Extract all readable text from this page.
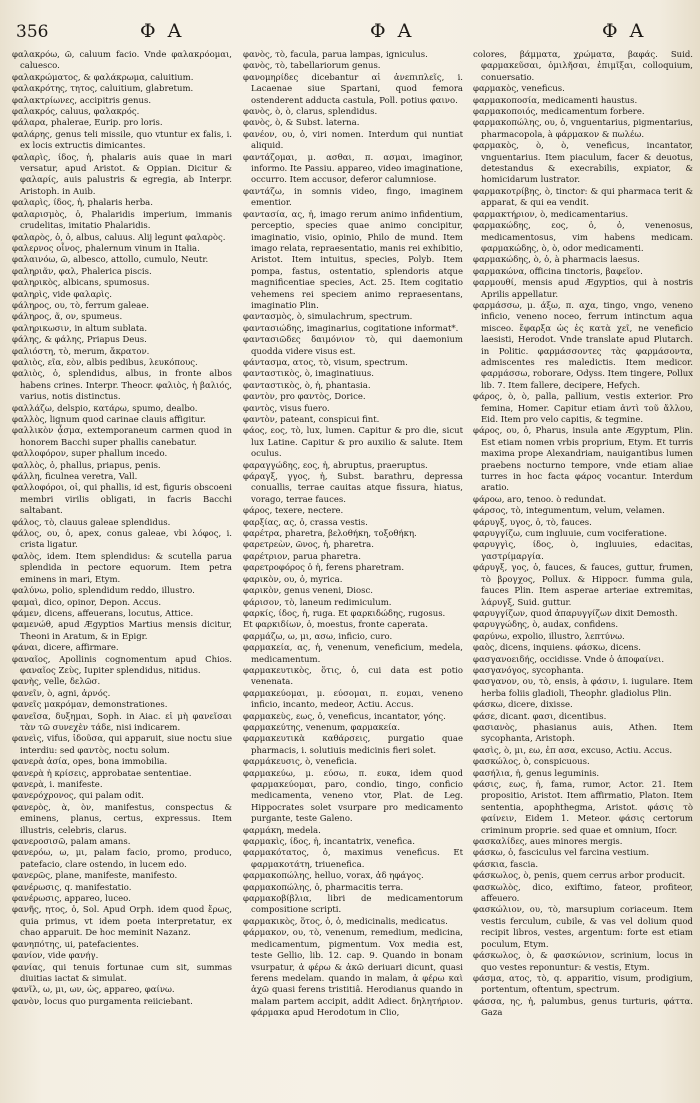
356	Φ Α	Φ Α	Φ Α

φαλακρόω, ῶ, caluum facio. Vnde φαλακρόομαι, caluesco.

φαλακρώματος, & φαλάκρωμα, caluitium.

φαλακρότης, τητος, caluitium, glabretum.

φαλακτρίωνες, accipitris genus.

φαλακρός, caluus, φαλακρός.

φάλαρα, phalerae, Eurip. pro loris.

φαλάρης, genus teli missile, quo vtuntur ex falis, i. ex locis extructis dimicantes.

φαλαρὶς, ίδος, ἡ, phalaris auis quae in mari versatur, apud Aristot. & Oppian. Dicitur & φαλαρίς, auis palustris & egregia, ab Interpr. Aristoph. in Auib.

φαλαρὶς, ίδος, ἡ, phalaris herba.

φαλαρισμὸς, ὁ, Phalaridis imperium, immanis crudelitas, imitatio Phalaridis.

φαλαρὸς, ὁ, ὁ, albus, caluus. Alij legunt φαλαρὸς.

φαλερνος οἶνος, phalernum vinum in Italia.

φαλαινόω, ῶ, albesco, attollo, cumulo, Neutr.

φαληριᾶν, φαλ, Phalerica piscis.

φαληρικὸς, albicans, spumosus.

φαληρὶς, vide φαλαρὶς.

φάληρος, ου, τὸ, ferrum galeae.

φάληρος, ᾶ, ον, spumeus.

φαληρικωσιν, in altum sublata.

φάλης, & φάλης, Priapus Deus.

φαλιόστη, τὸ, merum, ἄκρατον.

φαλιὸς, εῖα, εὸν, albis pedibus, λευκόπους.

φαλιὸς, ὁ, splendidus, albus, in fronte albos habens crines. Interpr. Theocr. φαλιὸς, ἡ βαλιός, varius, notis distinctus.

φαλλάζω, delspio, κατάρω, spumo, dealbo.

φαλλὸς, lignum quod carinae clauis affigitur.

φαλλικὸν ᾆσμα, extemporaneum carmen quod in honorem Bacchi super phallis canebatur.

φαλλοφόρον, super phallum incedo.

φαλλὸς, ὁ, phallus, priapus, penis.

φάλλη, ficulnea veretra, Vall.

φαλλοφόροι, οἱ, qui phallis, id est, figuris obscoeni membri virilis obligati, in facris Bacchi saltabant.

φάλος, τὸ, clauus galeae splendidus.

φάλος, ου, ὁ, apex, conus galeae, vbi λόφος, i. crista ligatur.

φαλὸς, idem. Item splendidus: & scutella parua splendida in pectore equorum. Item petra eminens in mari, Etym.

φαλύνω, polio, splendidum reddo, illustro.

φαμαὶ, dico, opinor, Depon. Accus.

φάμεν, dicens, affeuerans, locutus, Attice.

φαμενώθ, apud Ægyptios Martius mensis dicitur, Theoni in Aratum, & in Epigr.

φάναι, dicere, affirmare.

φαναῖος, Apollinis cognomentum apud Chios. φαναῖος Ζεὺς, Iupiter splendidus, nitidus.

φανὴς, velle, δελῶσ.

φανεῖν, ὸ, agni, ἀρνός.

φανεῖς μακρόμαν, demonstrationes.

φανεῖσα, δυξημαι, Soph. in Aiac. εἰ μὴ φανεῖσαι τὰν τῶ συνεχὲν τάδε, nisi indicarem.

φανεὶς, vifus, ἰδοῦσα, qui apparuit, siue noctu siue interdiu: sed φαντὸς, noctu solum.

φανερὰ ἀσία, opes, bona immobilia.

φανερὰ ἡ κρίσεις, approbatae sententiae.

φανερὰ, i. manifeste.

φανερόχρονος, qui palam odit.

φανερὸς, ὰ, ὸν, manifestus, conspectus & eminens, planus, certus, expressus. Item illustris, celebris, clarus.

φανεροσισῶ, palam amans.

φανερόω, ω, μι, palam facio, promo, produco, patefacio, clare ostendo, in lucem edo.

φανερῶς, plane, manifeste, manifesto.

φανέρωσις, q. manifestatio.

φανέρωσις, appareo, luceo.

φανῆς, ητος, ὁ, Sol. Apud Orph. idem quod ἔρως, quia primus, vt idem poeta interpretatur, ex chao apparuit. De hoc meminit Nazanz.

φανηπότης, ui, patefacientes.

φανίον, vide φανήγ.

φανίας, qui tenuis fortunae cum sit, summas diuitias iactat & simulat.

φανῖλ, ω, μι, ων, ὡς, appareo, φαίνω.

φανὸν, locus quo purgamenta reiiciebant.

φανὸς, τὸ, facula, parua lampas, igniculus.

φανὸς, τὸ, tabellariorum genus.

φανομηρίδες dicebantur αἱ ἀνεπιπλεῖς, i. Lacaenae siue Spartani, quod femora ostenderent adducta castula, Poll. potius φαινο.

φανὸς, ὸ, ὸ, clarus, splendidus.

φανὸς, ὸ, & Subst. laterna.

φανέον, ου, ὁ, viri nomen. Interdum qui nuntiat aliquid.

φαντάζομαι, μ. ασθαι, π. ασμαι, imaginor, informo. Ite Passiu. appareo, video imaginatione, occurro. Item accusor, deferor calumniose.

φαντάζω, in somnis video, fingo, imaginem ementior.

φαντασία, ας, ἡ, imago rerum animo infidentium, perceptio, species quae animo concipitur, imaginatio, visio, opinio, Philo de mund. Item imago relata, repraesentatio, manis rei exhibitio, Aristot. Item intuitus, species, Polyb. Item pompa, fastus, ostentatio, splendoris atque magnificentiae species, Act. 25. Item cogitatio vehemens rei speciem animo repraesentans, imaginatio Plin.

φαντασμὸς, ὸ, simulachrum, spectrum.

φαντασιώδης, imaginarius, cogitatione informat*.

φαντασιῶδες δαιμόνιον τὸ, qui daemonium quodda videre visus est.

φάντασμα, ατος, τὸ, visum, spectrum.

φανταστικὸς, ὸ, imaginatiuus.

φανταστικὸς, ὸ, ἡ, phantasia.

φαντὸν, pro φαντὸς, Dorice.

φαντὸς, visus fuero.

φαντὸν, pateant, conspicui fint.

φάος, εος, τὸ, lux, lumen. Capitur & pro die, sicut lux Latine. Capitur & pro auxilio & salute. Item oculus.

φαραγγώδης, εος, ἡ, abruptus, praeruptus.

φάραγξ, γγος, ἡ, Subst. barathru, depressa conuallis, terrae cauitas atque fissura, hiatus, vorago, terrae fauces.

φάρος, texere, nectere.

φαρξίας, ας, ὁ, crassa vestis.

φαρέτρα, pharetra, βελοθήκη, τοξοθήκη.

φαρετρεὼν, ῶνος, ἡ, pharetra.

φαρέτριον, parua pharetra.

φαρετροφόρος ὁ ἡ, ferens pharetram.

φαρικὸν, ου, ὁ, myrica.

φαρικὸν, genus veneni, Diosc.

φάρισον, τὸ, laneum redimiculum.

φαρκίς, ίδος, ἡ, ruga. Et φαρκιδώδης, rugosus.

Et φαρκιδίων, ὁ, moestus, fronte caperata.

φαρμάζω, ω, μι, ασω, inficio, curo.

φαρμακεία, ας, ἡ, venenum, veneficium, medela, medicamentum.

φαρμακευτικὸς, ὅτις, ὁ, cui data est potio venenata.

φαρμακεύομαι, μ. εύσομαι, π. ευμαι, veneno inficio, incanto, medeor, Actiu. Accus.

φαρμακεὺς, εως, ὁ, veneficus, incantator, γόης.

φαρμακεύτης, venenum, φαρμακεία.

φαρμακευτικὰ καθάρσεις, purgatio quae pharmacis, i. solutiuis medicinis fieri solet.

φαρμάκευσις, ὸ, veneficia.

φαρμακεύω, μ. εύσω, π. ευκα, idem quod φαρμακεύομαι, paro, condio, tingo, conficio medicamenta, veneno vtor, Plat. de Leg. Hippocrates solet vsurpare pro medicamento purgante, teste Galeno.

φαρμάκη, medela.

φαρμακὶς, ίδος, ἡ, incantatrix, venefica.

φαρμακότατος, ὁ, maximus veneficus. Et φαρμακοτάτη, triuenefica.

φαρμακοπώλης, helluo, vorax, ἀδ ηφάγος.

φαρμακοπώλης, ὁ, pharmacitis terra.

φαρμακοβίβλια, libri de medicamentorum compositione scripti.

φαρμακικὸς, ὅτος, ὁ, ὁ, medicinalis, medicatus.

φάρμακον, ου, τὸ, venenum, remedium, medicina, medicamentum, pigmentum. Vox media est, teste Gellio, lib. 12. cap. 9. Quando in bonam vsurpatur, ἀ φέρω & ἀκῶ deriuari dicunt, quasi ferens medelam. quando in malam, ἀ φέρω καὶ ἀχῶ quasi ferens tristitiâ. Herodianus quando in malam partem accipit, addit Adiect. δηλητήριον. φάρμακα apud Herodotum in Clio,

colores, βάμματα, χρώματα, βαφάς. Suid. φαρμακεῦσαι, ὀμιλῆσαι, ἐπιμῖξαι, colloquium, conuersatio.

φαρμακὸς, veneficus.

φαρμακοποσία, medicamenti haustus.

φαρμακοποιός, medicamentum forbere.

φαρμακοπώλης, ου, ὁ, vnguentarius, pigmentarius, pharmacopola, à φάρμακον & πωλέω.

φαρμακὸς, ὸ, ὸ, veneficus, incantator, vnguentarius. Item piaculum, facer & deuotus, detestandus & execrabilis, expiator, & homicidarum lustrator.

φαρμακοτρίβης, ὸ, tinctor: & qui pharmaca terit & apparat, & qui ea vendit.

φαρμακτήριον, ὸ, medicamentarius.

φαρμακώδης, εος, ὁ, ὁ, venenosus, medicamentosus, vim habens medicam. φαρμακώδης, ὸ, ὸ, odor medicamenti.

φαρμακώδης, ὸ, ὁ, à pharmacis laesus.

φαρμακώνα, officina tinctoris, βαφεῖον.

φαρμουθί, mensis apud Ægyptios, qui à nostris Aprilis appellatur.

φαρμάσσω, μ. άξω, π. αχα, tingo, vngo, veneno inficio, veneno noceo, ferrum intinctum aqua misceo. ἔφαρξα ὡς ἐς κατὰ χεῖ, ne veneficio laesisti, Herodot. Vnde translate apud Plutarch. in Politic. φαρμάσσοντες τὰς φαρμάσοντα, admiscentes res maledictis. Item medicor. φαρμάσσω, roborare, Odyss. Item tingere, Pollux lib. 7. Item fallere, decipere, Hefych.

φάρος, ὸ, ὸ, palla, pallium, vestis exterior. Pro femina, Homer. Capitur etiam ἀντὶ τοῦ ἄλλου, Eid. Item pro velo capitis, & tegmine.

φάρος, ου, ὁ, Pharus, insula ante Ægyptum, Plin. Est etiam nomen vrbis proprium, Etym. Et turris maxima prope Alexandriam, nauigantibus lumen praebens nocturno tempore, vnde etiam aliae turres in hoc facta φάρος vocantur. Interdum aratio.

φάροω, aro, tenoo. ὸ redundat.

φάρσος, τὸ, integumentum, velum, velamen.

φάρυγξ, υγος, ὁ, τὸ, fauces.

φαρυγγίζω, cum ingluuie, cum vociferatione.

φαρυγγὶς, ίδος, ὸ, ingluuies, edacitas, γαστρίμαργία.

φάρυγξ, γος, ὁ, fauces, & fauces, guttur, frumen, τὸ βρογχος, Pollux. & Hippocr. fumma gula, fauces Plin. Item asperae arteriae extremitas, λάρυγξ, Suid. guttur.

φαρυγγίζων, quod ἀπαρυγγίζων dixit Demosth.

φαρυγγώδης, ὸ, audax, confidens.

φαρύνω, expolio, illustro, λεπτύνω.

φαὸς, dicens, inquiens. φάσκω, dicens.

φασγανοειδής, occidisse. Vnde ὁ ἀποφαίνει.

φασγανόγος, sycophanta.

φασγανον, ου, τὸ, ensis, à φάσιν, i. iugulare. Item herba foliis gladioli, Theophr. gladiolus Plin.

φάσκω, dicere, dixisse.

φάσε, dicant. φασι, dicentibus.

φασιανὸς, phasianus auis, Athen. Item sycophanta, Aristoph.

φασὶς, ὸ, μι, εω, ἐπ ασα, excuso, Actiu. Accus.

φασκώλος, ὸ, conspicuous.

φασήλια, ἡ, genus leguminis.

φάσις, εως, ἡ, fama, rumor, Actor. 21. Item propositio, Aristot. Item affirmatio, Platon. Item sententia, apophthegma, Aristot. φάσις τὸ φαίνειν, Eidem 1. Meteor. φάσις certorum criminum proprie. sed quae et omnium, Iſocr.

φασκαλίδες, aues minores mergis.

φάσκω, ὁ, fasciculus vel farcina vestium.

φάσκια, fascia.

φάσκωλος, ὸ, penis, quem cerrus arbor producit.

φασκωλὸς, dico, exiftimo, fateor, profiteor, affeuero.

φασκώλιον, ου, τὸ, marsupium coriaceum. Item vestis ferculum, cubile, & vas vel dolium quod recipit libros, vestes, argentum: forte est etiam poculum, Etym.

φάσκωλος, ὸ, & φασκώνιον, scrinium, locus in quo vestes reponuntur: & vestis, Etym.

φάσμα, ατος, τὸ, q. apparitio, visum, prodigium, portentum, oftentum, spectrum.

φάσσα, ης, ἡ, palumbus, genus turturis, φάττα. Gaza
